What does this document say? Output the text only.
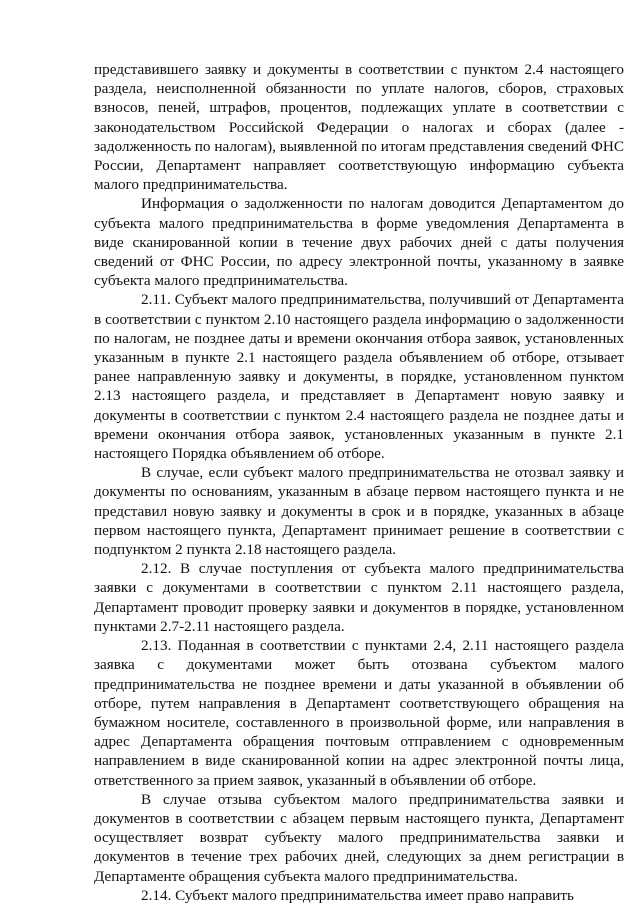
представившего заявку и документы в соответствии с пунктом 2.4 настоящего раздела, неисполненной обязанности по уплате налогов, сборов, страховых взносов, пеней, штрафов, процентов, подлежащих уплате в соответствии с законодательством Российской Федерации о налогах и сборах (далее - задолженность по налогам), выявленной по итогам представления сведений ФНС России, Департамент направляет соответствующую информацию субъекта малого предпринимательства.

Информация о задолженности по налогам доводится Департаментом до субъекта малого предпринимательства в форме уведомления Департамента в виде сканированной копии в течение двух рабочих дней с даты получения сведений от ФНС России, по адресу электронной почты, указанному в заявке субъекта малого предпринимательства.

2.11. Субъект малого предпринимательства, получивший от Департамента в соответствии с пунктом 2.10 настоящего раздела информацию о задолженности по налогам, не позднее даты и времени окончания отбора заявок, установленных указанным в пункте 2.1 настоящего раздела объявлением об отборе, отзывает ранее направленную заявку и документы, в порядке, установленном пунктом 2.13 настоящего раздела, и представляет в Департамент новую заявку и документы в соответствии с пунктом 2.4 настоящего раздела не позднее даты и времени окончания отбора заявок, установленных указанным в пункте 2.1 настоящего Порядка объявлением об отборе.

В случае, если субъект малого предпринимательства не отозвал заявку и документы по основаниям, указанным в абзаце первом настоящего пункта и не представил новую заявку и документы в срок и в порядке, указанных в абзаце первом настоящего пункта, Департамент принимает решение в соответствии с подпунктом 2 пункта 2.18 настоящего раздела.

2.12. В случае поступления от субъекта малого предпринимательства заявки с документами в соответствии с пунктом 2.11 настоящего раздела, Департамент проводит проверку заявки и документов в порядке, установленном пунктами 2.7-2.11 настоящего раздела.

2.13. Поданная в соответствии с пунктами 2.4, 2.11 настоящего раздела заявка с документами может быть отозвана субъектом малого предпринимательства не позднее времени и даты указанной в объявлении об отборе, путем направления в Департамент соответствующего обращения на бумажном носителе, составленного в произвольной форме, или направления в адрес Департамента обращения почтовым отправлением с одновременным направлением в виде сканированной копии на адрес электронной почты лица, ответственного за прием заявок, указанный в объявлении об отборе.

В случае отзыва субъектом малого предпринимательства заявки и документов в соответствии с абзацем первым настоящего пункта, Департамент осуществляет возврат субъекту малого предпринимательства заявки и документов в течение трех рабочих дней, следующих за днем регистрации в Департаменте обращения субъекта малого предпринимательства.

2.14. Субъект малого предпринимательства имеет право направить
